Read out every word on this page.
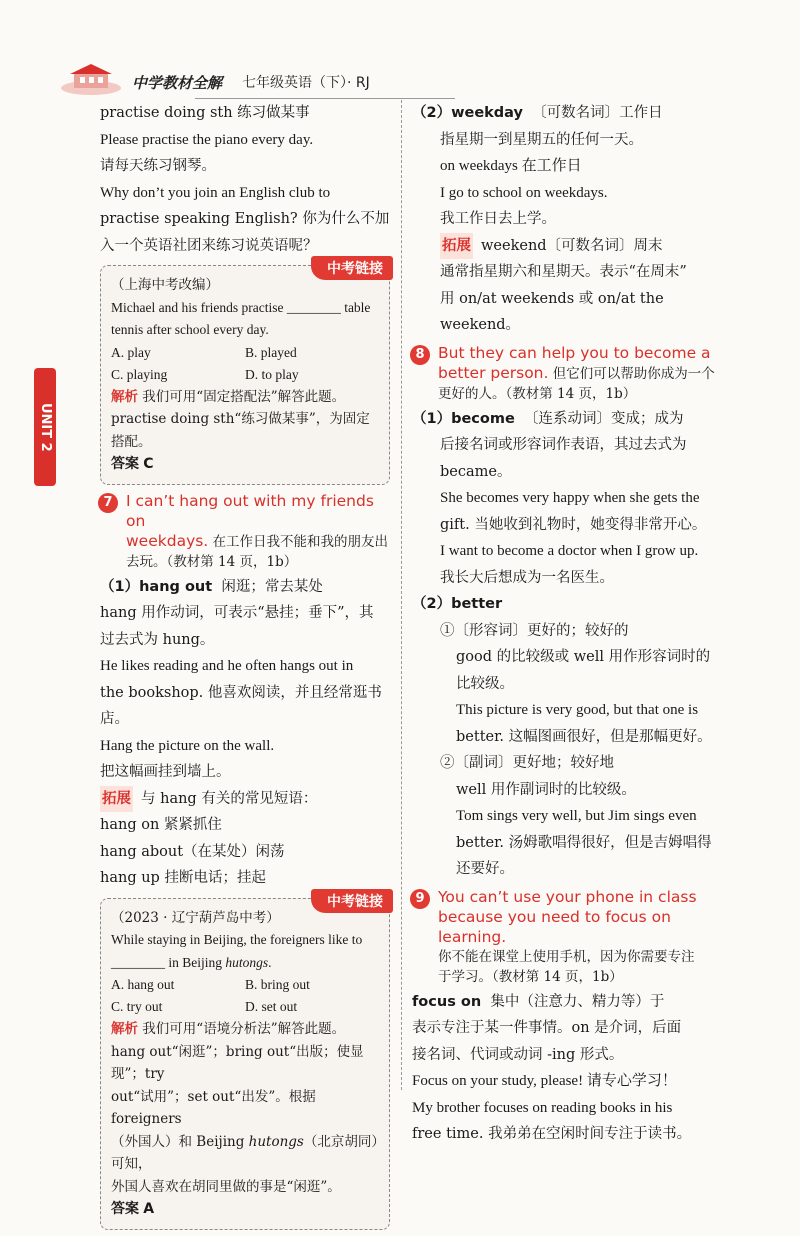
中学教材全解 七年级英语（下）· RJ
UNIT 2

practise doing sth 练习做某事

Please practise the piano every day.

请每天练习钢琴。

Why don’t you join an English club to

practise speaking English? 你为什么不加

入一个英语社团来练习说英语呢？

中考链接

（上海中考改编）

Michael and his friends practise ________ table

tennis after school every day.

A. play	B. played
C. playing	D. to play

解析 我们可用“固定搭配法”解答此题。

practise doing sth“练习做某事”，为固定搭配。

答案 C

7 I can’t hang out with my friends on
weekdays. 在工作日我不能和我的朋友出
去玩。（教材第 14 页，1b）

（1）hang out 闲逛；常去某处

hang 用作动词，可表示“悬挂；垂下”，其

过去式为 hung。

He likes reading and he often hangs out in

the bookshop. 他喜欢阅读，并且经常逛书店。

Hang the picture on the wall.

把这幅画挂到墙上。

拓展 与 hang 有关的常见短语：

hang on 紧紧抓住

hang about（在某处）闲荡

hang up 挂断电话；挂起

中考链接

（2023 · 辽宁葫芦岛中考）

While staying in Beijing, the foreigners like to

________ in Beijing hutongs.

A. hang out	B. bring out
C. try out	D. set out

解析 我们可用“语境分析法”解答此题。

hang out“闲逛”；bring out“出版；使显现”；try

out“试用”；set out“出发”。根据 foreigners

（外国人）和 Beijing hutongs（北京胡同）可知，

外国人喜欢在胡同里做的事是“闲逛”。

答案 A

（2）weekday 〔可数名词〕工作日

指星期一到星期五的任何一天。

on weekdays 在工作日

I go to school on weekdays.

我工作日去上学。

拓展 weekend〔可数名词〕周末

通常指星期六和星期天。表示“在周末”

用 on/at weekends 或 on/at the weekend。

8 But they can help you to become a
better person. 但它们可以帮助你成为一个
更好的人。（教材第 14 页，1b）

（1）become 〔连系动词〕变成；成为

后接名词或形容词作表语，其过去式为

became。

She becomes very happy when she gets the

gift. 当她收到礼物时，她变得非常开心。

I want to become a doctor when I grow up.

我长大后想成为一名医生。

（2）better

①〔形容词〕更好的；较好的

good 的比较级或 well 用作形容词时的

比较级。

This picture is very good, but that one is

better. 这幅图画很好，但是那幅更好。

②〔副词〕更好地；较好地

well 用作副词时的比较级。

Tom sings very well, but Jim sings even

better. 汤姆歌唱得很好，但是吉姆唱得

还要好。

9 You can’t use your phone in class
because you need to focus on learning.
你不能在课堂上使用手机，因为你需要专注
于学习。（教材第 14 页，1b）

focus on 集中（注意力、精力等）于

表示专注于某一件事情。on 是介词，后面

接名词、代词或动词 -ing 形式。

Focus on your study, please! 请专心学习！

My brother focuses on reading books in his

free time. 我弟弟在空闲时间专注于读书。
